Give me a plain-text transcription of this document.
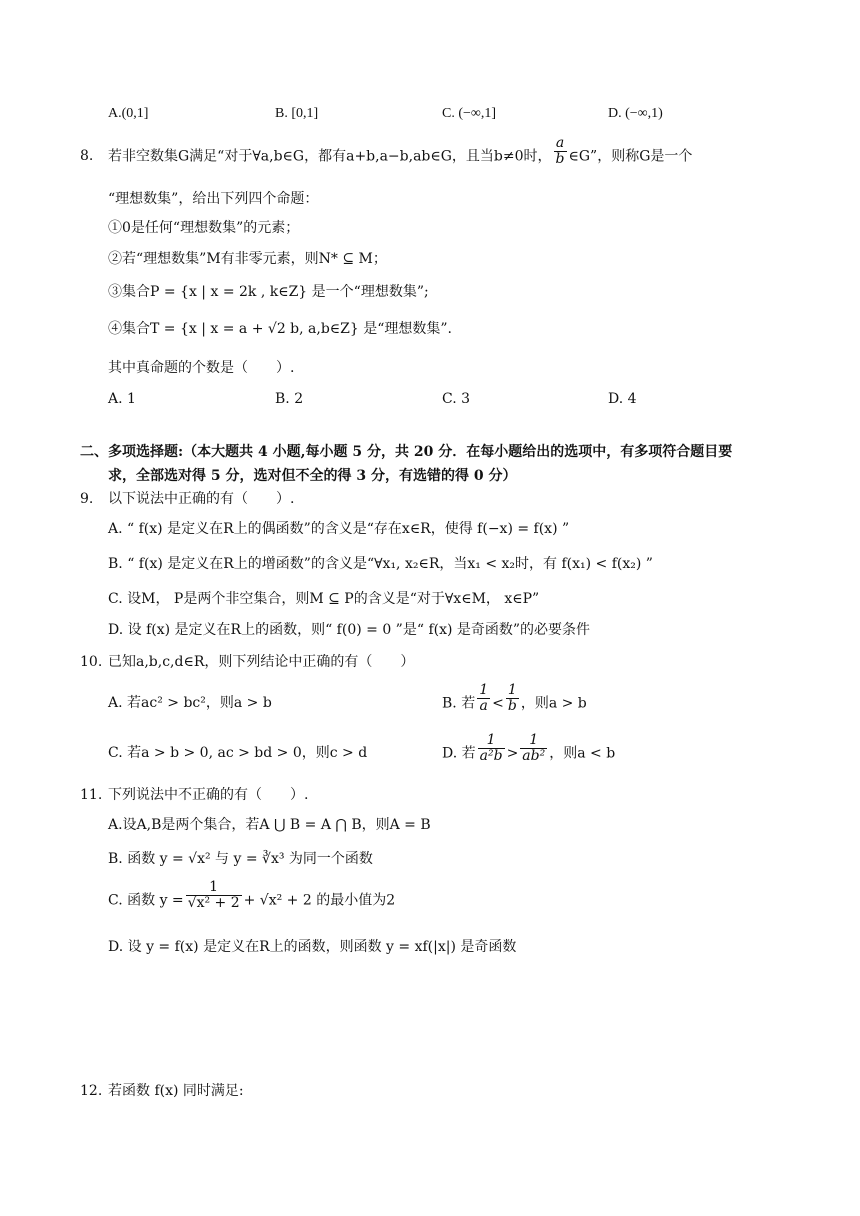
A.(0,1]	B. [0,1]	C. (−∞,1]	D. (−∞,1)
8. 若非空数集G满足“对于∀a,b∈G，都有a+b,a−b,ab∈G，且当b≠0时， $\frac{a}{b}$ ∈G”，则称G是一个
“理想数集”，给出下列四个命题：
①0是任何“理想数集”的元素；
②若“理想数集”M有非零元素，则N* ⊆ M；
③集合P = {x | x = 2k , k∈Z} 是一个“理想数集”;
④集合T = {x | x = a + √2 b, a,b∈Z} 是“理想数集”.
其中真命题的个数是（　　）.
A. 1	B. 2	C. 3	D. 4
二、多项选择题:（本大题共 4 小题,每小题 5 分，共 20 分．在每小题给出的选项中，有多项符合题目要
求，全部选对得 5 分，选对但不全的得 3 分，有选错的得 0 分）
9. 以下说法中正确的有（　　）.
A. “ f(x) 是定义在R上的偶函数”的含义是“存在x∈R，使得 f(−x) = f(x) ”
B. “ f(x) 是定义在R上的增函数”的含义是“∀x₁, x₂∈R，当x₁ < x₂时，有 f(x₁) < f(x₂) ”
C. 设M， P是两个非空集合，则M ⊆ P的含义是“对于∀x∈M， x∈P”
D. 设 f(x) 是定义在R上的函数，则“ f(0) = 0 ”是“ f(x) 是奇函数”的必要条件
10. 已知a,b,c,d∈R，则下列结论中正确的有（　　）
A. 若ac² > bc²，则a > b	B. 若 $\frac{1}{a} < \frac{1}{b}$ ，则a > b
C. 若a > b > 0, ac > bd > 0，则c > d	D. 若 $\frac{1}{\text{a²b}} > \frac{1}{\text{ab²}}$ ，则a < b
11. 下列说法中不正确的有（　　）.
A.设A,B是两个集合，若A ⋃ B = A ⋂ B，则A = B
B. 函数 y = √x² 与 y = ∛x³ 为同一个函数
C. 函数 $y = \frac{1}{\text{√x² + 2}} + √x^2 + 2$ 的最小值为2
D. 设 y = f(x) 是定义在R上的函数，则函数 y = xf(|x|) 是奇函数
12. 若函数 f(x) 同时满足:
